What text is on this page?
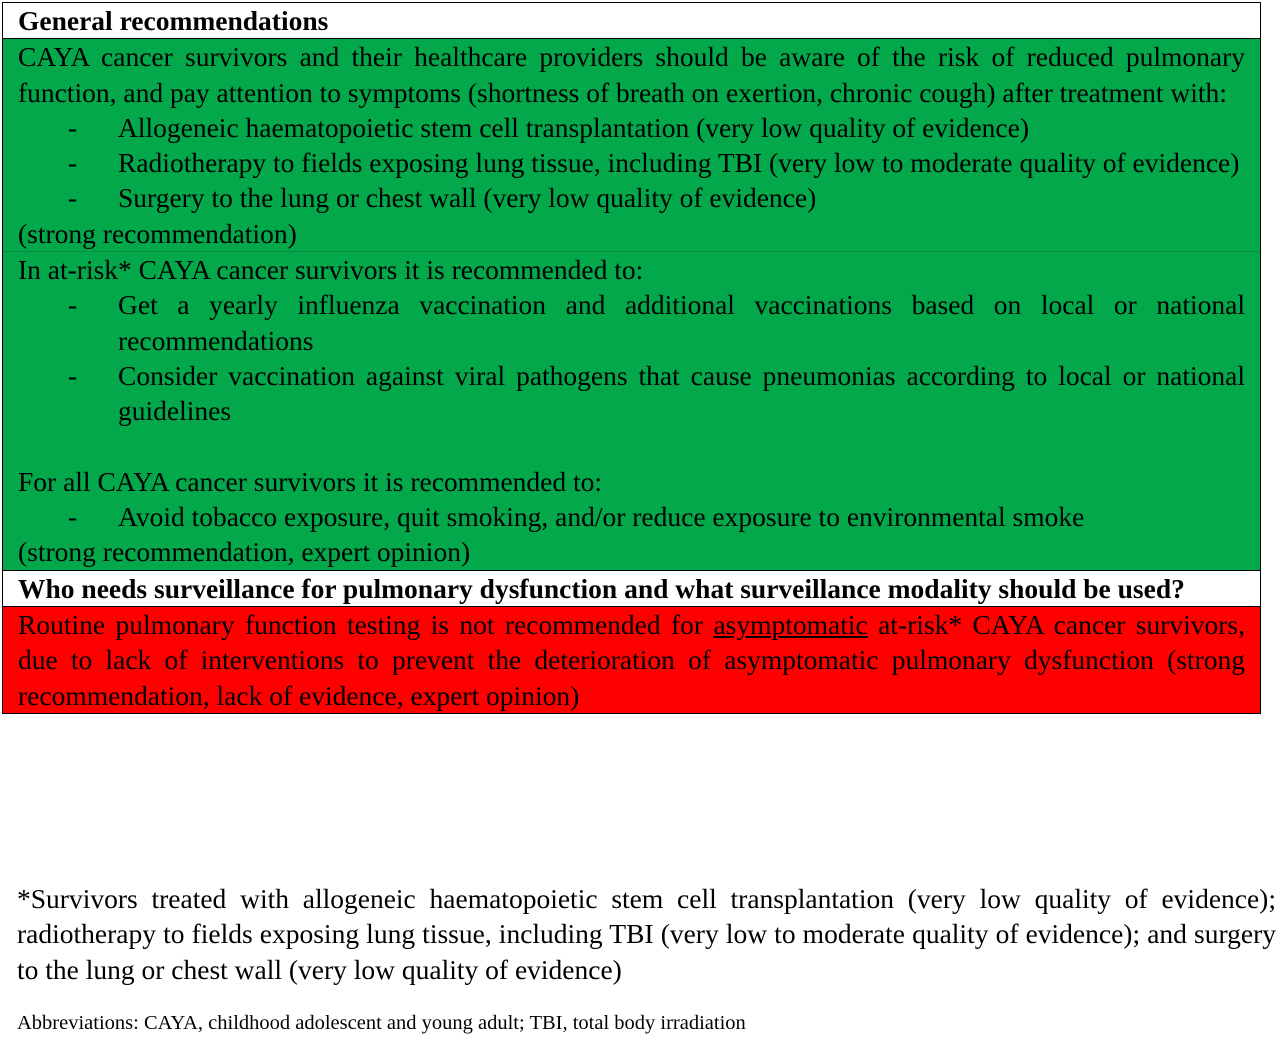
General recommendations
CAYA cancer survivors and their healthcare providers should be aware of the risk of reduced pulmonary function, and pay attention to symptoms (shortness of breath on exertion, chronic cough) after treatment with:
- Allogeneic haematopoietic stem cell transplantation (very low quality of evidence)
- Radiotherapy to fields exposing lung tissue, including TBI (very low to moderate quality of evidence)
- Surgery to the lung or chest wall (very low quality of evidence)
(strong recommendation)
In at-risk* CAYA cancer survivors it is recommended to:
- Get a yearly influenza vaccination and additional vaccinations based on local or national recommendations
- Consider vaccination against viral pathogens that cause pneumonias according to local or national guidelines
For all CAYA cancer survivors it is recommended to:
- Avoid tobacco exposure, quit smoking, and/or reduce exposure to environmental smoke
(strong recommendation, expert opinion)
Who needs surveillance for pulmonary dysfunction and what surveillance modality should be used?
Routine pulmonary function testing is not recommended for asymptomatic at-risk* CAYA cancer survivors, due to lack of interventions to prevent the deterioration of asymptomatic pulmonary dysfunction (strong recommendation, lack of evidence, expert opinion)
*Survivors treated with allogeneic haematopoietic stem cell transplantation (very low quality of evidence); radiotherapy to fields exposing lung tissue, including TBI (very low to moderate quality of evidence); and surgery to the lung or chest wall (very low quality of evidence)
Abbreviations: CAYA, childhood adolescent and young adult; TBI, total body irradiation
